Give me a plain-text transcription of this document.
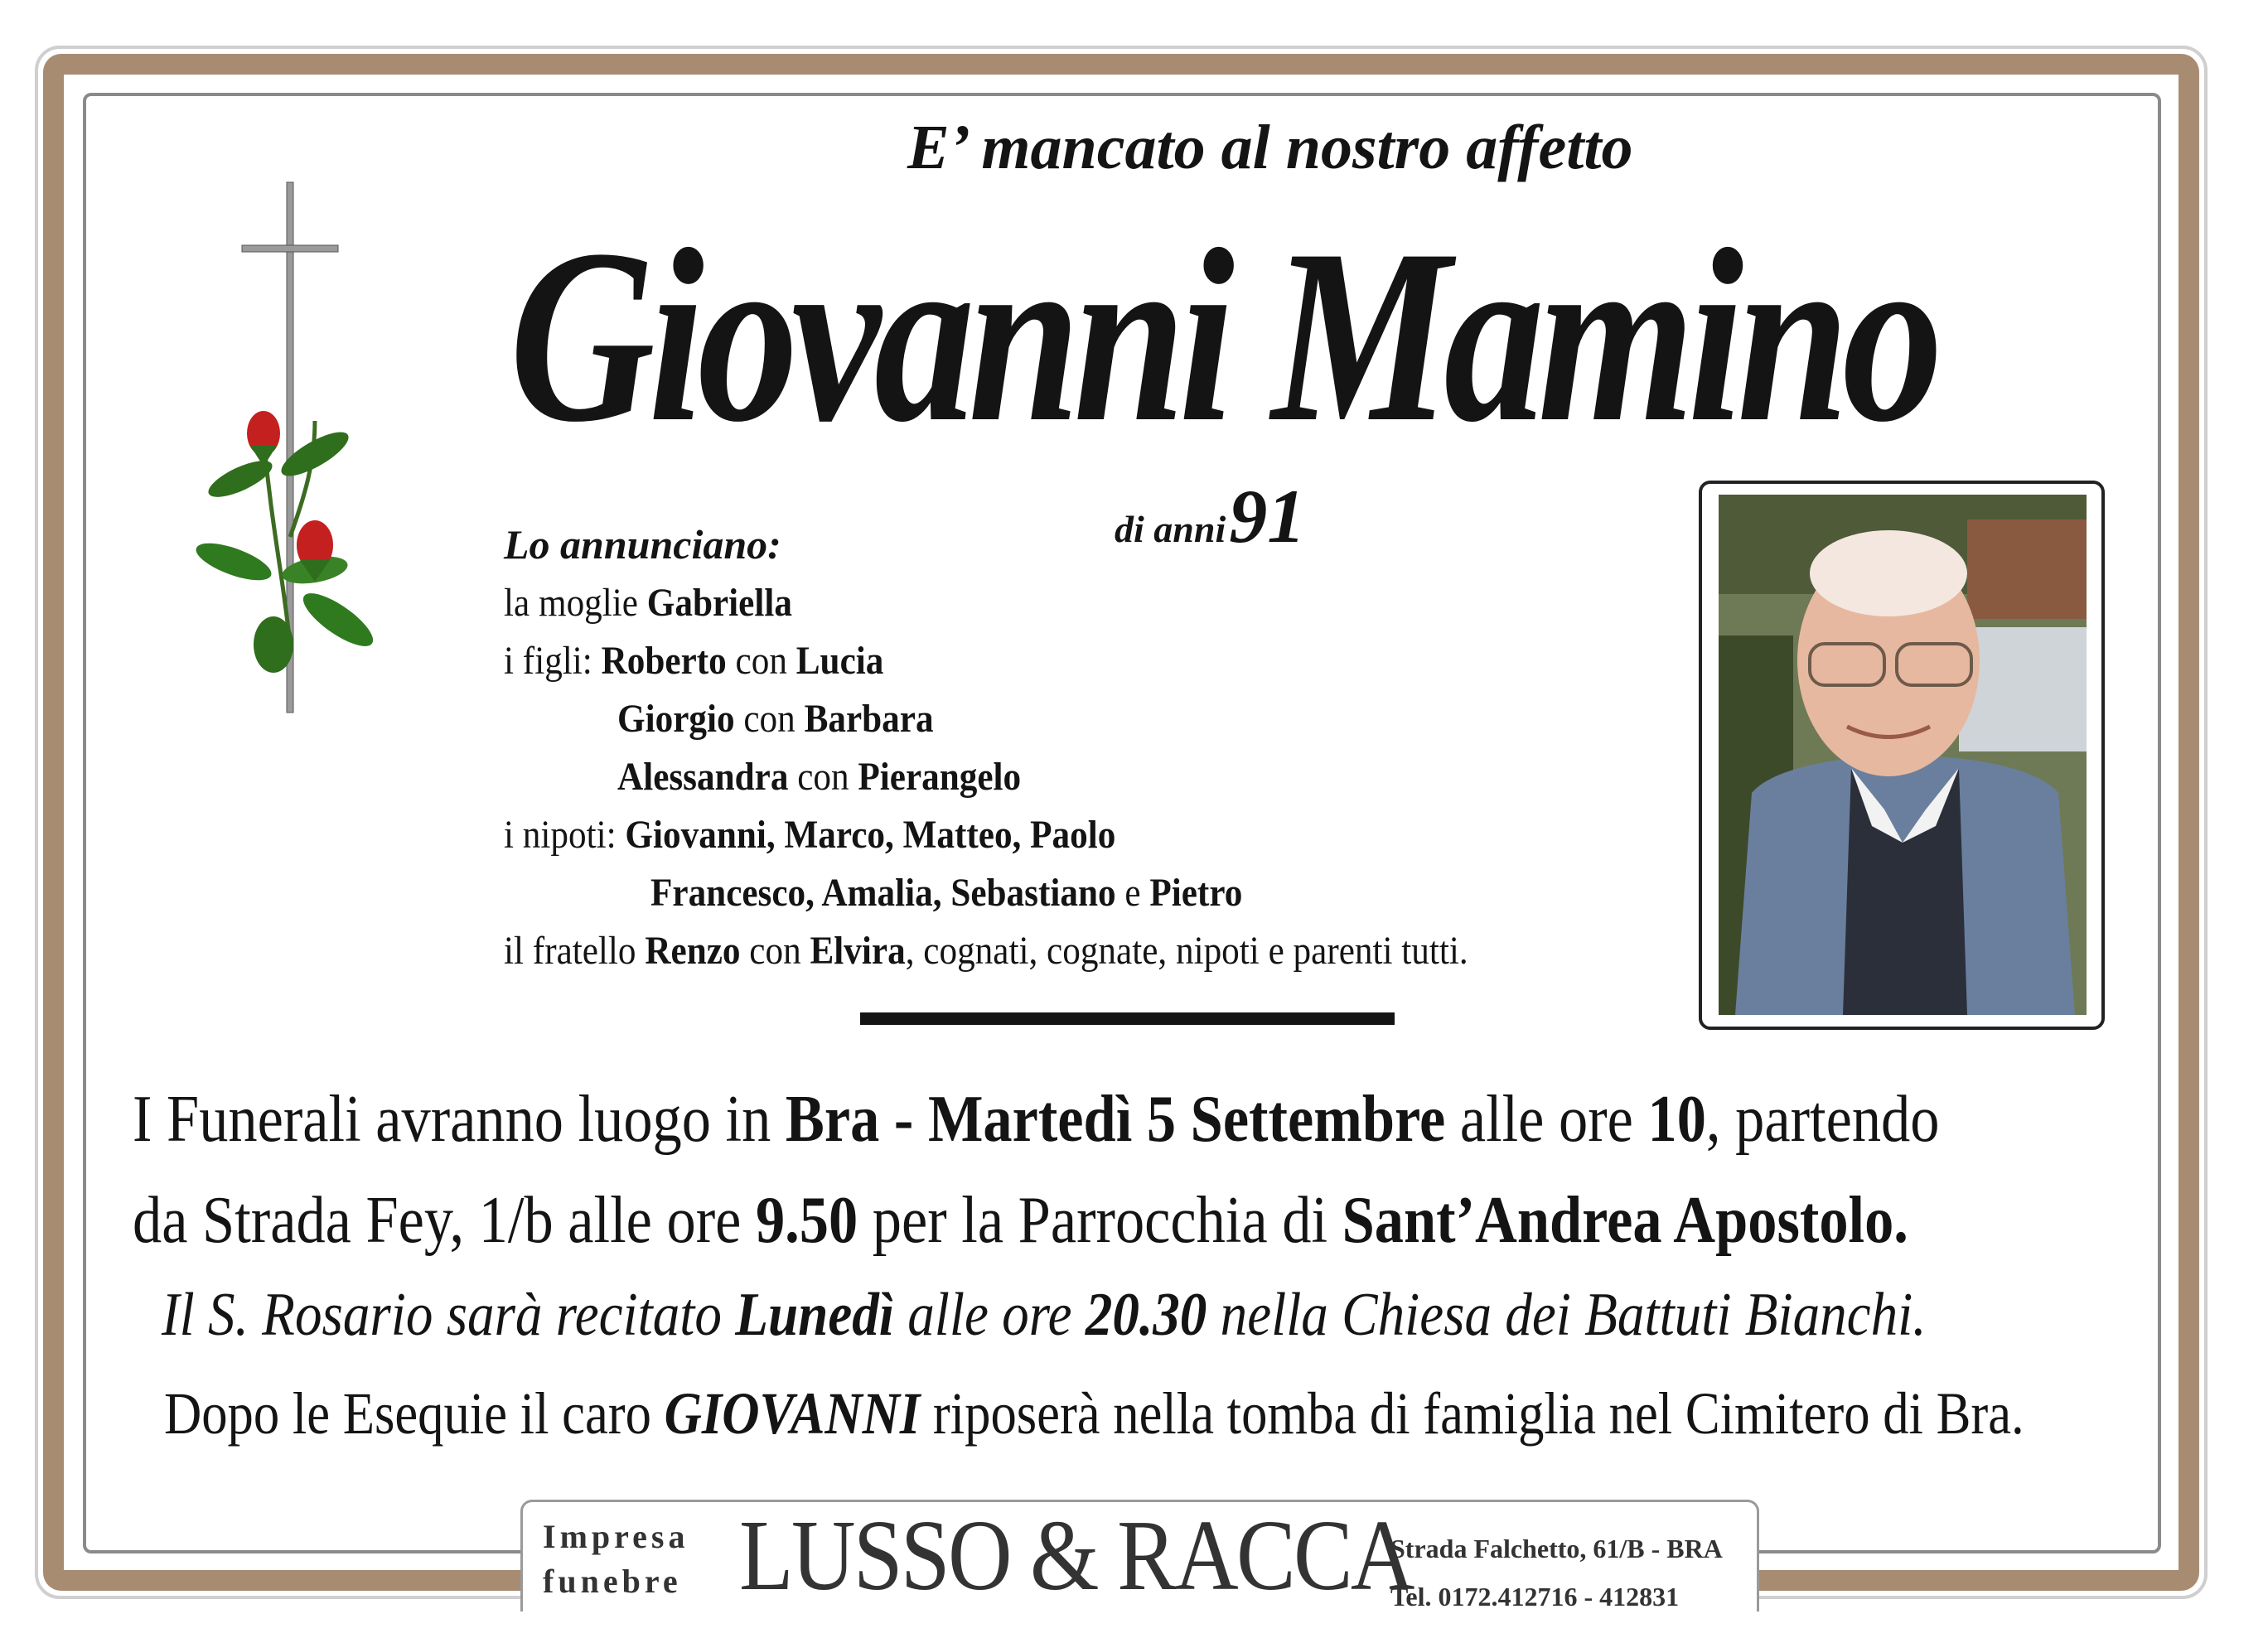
E’ mancato al nostro affetto
Giovanni Mamino
di anni 91
Lo annunciano:
la moglie Gabriella
i figli: Roberto con Lucia
Giorgio con Barbara
Alessandra con Pierangelo
i nipoti: Giovanni, Marco, Matteo, Paolo
Francesco, Amalia, Sebastiano e Pietro
il fratello Renzo con Elvira, cognati, cognate, nipoti e parenti tutti.
I Funerali avranno luogo in Bra - Martedì 5 Settembre alle ore 10, partendo
da Strada Fey, 1/b alle ore 9.50 per la Parrocchia di Sant’Andrea Apostolo.
Il S. Rosario sarà recitato Lunedì alle ore 20.30 nella Chiesa dei Battuti Bianchi.
Dopo le Esequie il caro GIOVANNI riposerà nella tomba di famiglia nel Cimitero di Bra.
Impresa
funebre LUSSO & RACCA
Strada Falchetto, 61/B - BRA
Tel. 0172.412716 - 412831
